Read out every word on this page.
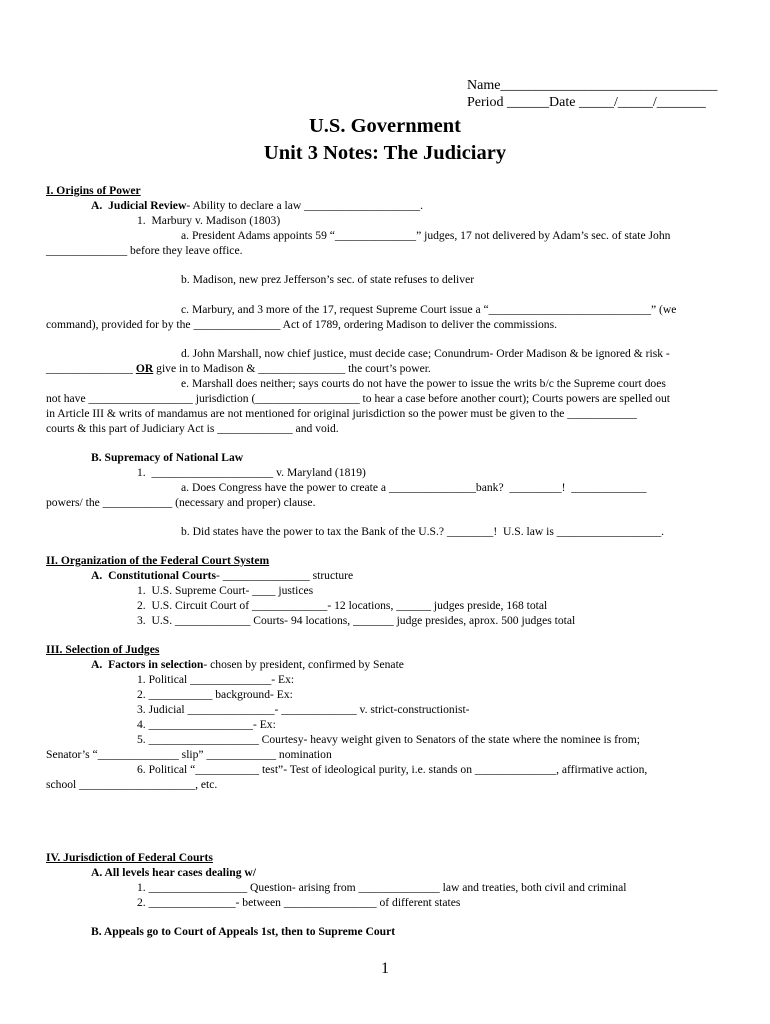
Name_______________________________
Period ______Date _____/_____/_______
U.S. Government
Unit 3 Notes: The Judiciary
I. Origins of Power
A.  Judicial Review- Ability to declare a law ____________________.
1.  Marbury v. Madison (1803)
a. President Adams appoints 59 “______________” judges, 17 not delivered by Adam’s sec. of state John
______________ before they leave office.
b. Madison, new prez Jefferson’s sec. of state refuses to deliver
c. Marbury, and 3 more of the 17, request Supreme Court issue a “____________________________” (we
command), provided for by the _______________ Act of 1789, ordering Madison to deliver the commissions.
d. John Marshall, now chief justice, must decide case; Conundrum- Order Madison & be ignored & risk -
_______________ OR give in to Madison & _______________ the court’s power.
e. Marshall does neither; says courts do not have the power to issue the writs b/c the Supreme court does
not have __________________ jurisdiction (__________________ to hear a case before another court); Courts powers are spelled out
in Article III & writs of mandamus are not mentioned for original jurisdiction so the power must be given to the ____________
courts & this part of Judiciary Act is _____________ and void.
B. Supremacy of National Law
1.  _____________________ v. Maryland (1819)
a. Does Congress have the power to create a _______________bank?  _________!  _____________
powers/ the ____________ (necessary and proper) clause.
b. Did states have the power to tax the Bank of the U.S.? ________!  U.S. law is __________________.
II. Organization of the Federal Court System
A.  Constitutional Courts- _______________ structure
1.  U.S. Supreme Court- ____ justices
2.  U.S. Circuit Court of _____________- 12 locations, ______ judges preside, 168 total
3.  U.S. _____________ Courts- 94 locations, _______ judge presides, aprox. 500 judges total
III. Selection of Judges
A.  Factors in selection- chosen by president, confirmed by Senate
1. Political ______________- Ex:
2. ___________ background- Ex:
3. Judicial _______________- _____________ v. strict-constructionist-
4. __________________- Ex:
5. ___________________ Courtesy- heavy weight given to Senators of the state where the nominee is from;
Senator’s “______________ slip” ____________ nomination
6. Political “___________ test”- Test of ideological purity, i.e. stands on ______________, affirmative action,
school ____________________, etc.
IV. Jurisdiction of Federal Courts
A. All levels hear cases dealing w/
1. _________________ Question- arising from ______________ law and treaties, both civil and criminal
2. _______________- between ________________ of different states
B. Appeals go to Court of Appeals 1st, then to Supreme Court
1
